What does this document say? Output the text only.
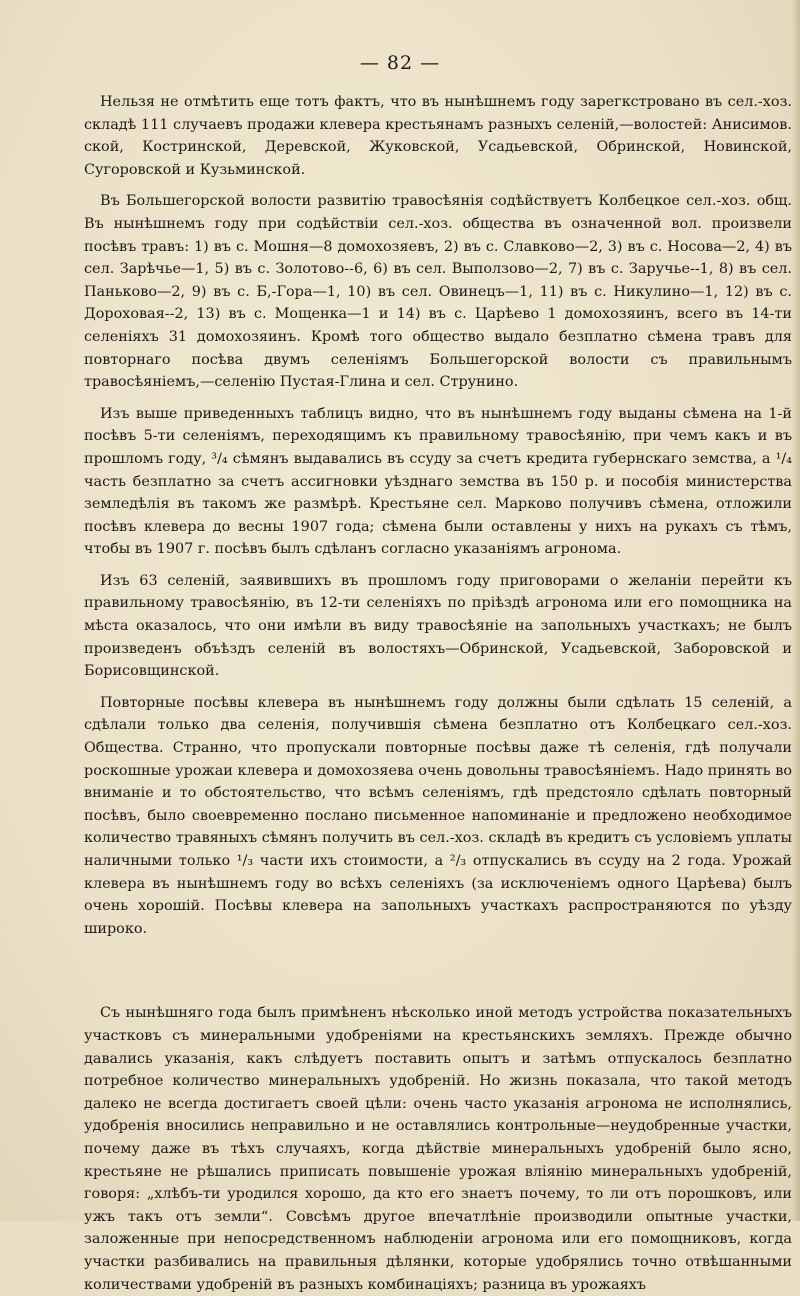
— 82 —

Нельзя не отмѣтить еще тотъ фактъ, что въ нынѣшнемъ году зарегкстровано въ сел.-хоз. складѣ 111 случаевъ продажи клевера крестьянамъ разныхъ селеній,—волостей: Анисимов. ской, Костринской, Деревской, Жуковской, Усадьевской, Обринской, Новинской, Сугоровской и Кузьминской.

Въ Большегорской волости развитію травосѣянія содѣйствуетъ Колбецкое сел.-хоз. общ. Въ нынѣшнемъ году при содѣйствіи сел.-хоз. общества въ означенной вол. произвели посѣвъ травъ: 1) въ с. Мошня—8 домохозяевъ, 2) въ с. Славково—2, 3) въ с. Носова—2, 4) въ сел. Зарѣчье—1, 5) въ с. Золотово--6, 6) въ сел. Выползово—2, 7) въ с. Заручье--1, 8) въ сел. Паньково—2, 9) въ с. Б,-Гора—1, 10) въ сел. Овинецъ—1, 11) въ с. Никулино—1, 12) въ с. Дороховая--2, 13) въ с. Мощенка—1 и 14) въ с. Царѣево 1 домохозяинъ, всего въ 14-ти селеніяхъ 31 домохозяинъ. Кромѣ того общество выдало безплатно сѣмена травъ для повторнаго посѣва двумъ селеніямъ Большегорской волости съ правильнымъ травосѣяніемъ,—селенію Пустая-Глина и сел. Струнино.

Изъ выше приведенныхъ таблицъ видно, что въ нынѣшнемъ году выданы сѣмена на 1-й посѣвъ 5-ти селеніямъ, переходящимъ къ правильному травосѣянію, при чемъ какъ и въ прошломъ году, ³/₄ сѣмянъ выдавались въ ссуду за счетъ кредита губернскаго земства, а ¹/₄ часть безплатно за счетъ ассигновки уѣзднаго земства въ 150 р. и пособія министерства земледѣлія въ такомъ же размѣрѣ. Крестьяне сел. Марково получивъ сѣмена, отложили посѣвъ клевера до весны 1907 года; сѣмена были оставлены у нихъ на рукахъ съ тѣмъ, чтобы въ 1907 г. посѣвъ былъ сдѣланъ согласно указаніямъ агронома.

Изъ 63 селеній, заявившихъ въ прошломъ году приговорами о желаніи перейти къ правильному травосѣянію, въ 12-ти селеніяхъ по пріѣздѣ агронома или его помощника на мѣста оказалось, что они имѣли въ виду травосѣяніе на запольныхъ участкахъ; не былъ произведенъ объѣздъ селеній въ волостяхъ—Обринской, Усадьевской, Заборовской и Борисовщинской.

Повторные посѣвы клевера въ нынѣшнемъ году должны были сдѣлать 15 селеній, а сдѣлали только два селенія, получившія сѣмена безплатно отъ Колбецкаго сел.-хоз. Общества. Странно, что пропускали повторные посѣвы даже тѣ селенія, гдѣ получали роскошные урожаи клевера и домохозяева очень довольны травосѣяніемъ. Надо принять во вниманіе и то обстоятельство, что всѣмъ селеніямъ, гдѣ предстояло сдѣлать повторный посѣвъ, было своевременно послано письменное напоминаніе и предложено необходимое количество травяныхъ сѣмянъ получить въ сел.-хоз. складѣ въ кредитъ съ условіемъ уплаты наличными только ¹/₃ части ихъ стоимости, а ²/₃ отпускались въ ссуду на 2 года. Урожай клевера въ нынѣшнемъ году во всѣхъ селеніяхъ (за исключеніемъ одного Царѣева) былъ очень хорошій. Посѣвы клевера на запольныхъ участкахъ распространяются по уѣзду широко.

Съ нынѣшняго года былъ примѣненъ нѣсколько иной методъ устройства показательныхъ участковъ съ минеральными удобреніями на крестьянскихъ земляхъ. Прежде обычно давались указанія, какъ слѣдуетъ поставить опытъ и затѣмъ отпускалось безплатно потребное количество минеральныхъ удобреній. Но жизнь показала, что такой методъ далеко не всегда достигаетъ своей цѣли: очень часто указанія агронома не исполнялись, удобренія вносились неправильно и не оставлялись контрольные—неудобренные участки, почему даже въ тѣхъ случаяхъ, когда дѣйствіе минеральныхъ удобреній было ясно, крестьяне не рѣшались приписать повышеніе урожая вліянію минеральныхъ удобреній, говоря: „хлѣбъ-ти уродился хорошо, да кто его знаетъ почему, то ли отъ порошковъ, или ужъ такъ отъ земли“. Совсѣмъ другое впечатлѣніе производили опытные участки, заложенные при непосредственномъ наблюденіи агронома или его помощниковъ, когда участки разбивались на правильныя дѣлянки, которые удобрялись точно отвѣшанными количествами удобреній въ разныхъ комбинаціяхъ; разница въ урожаяхъ
